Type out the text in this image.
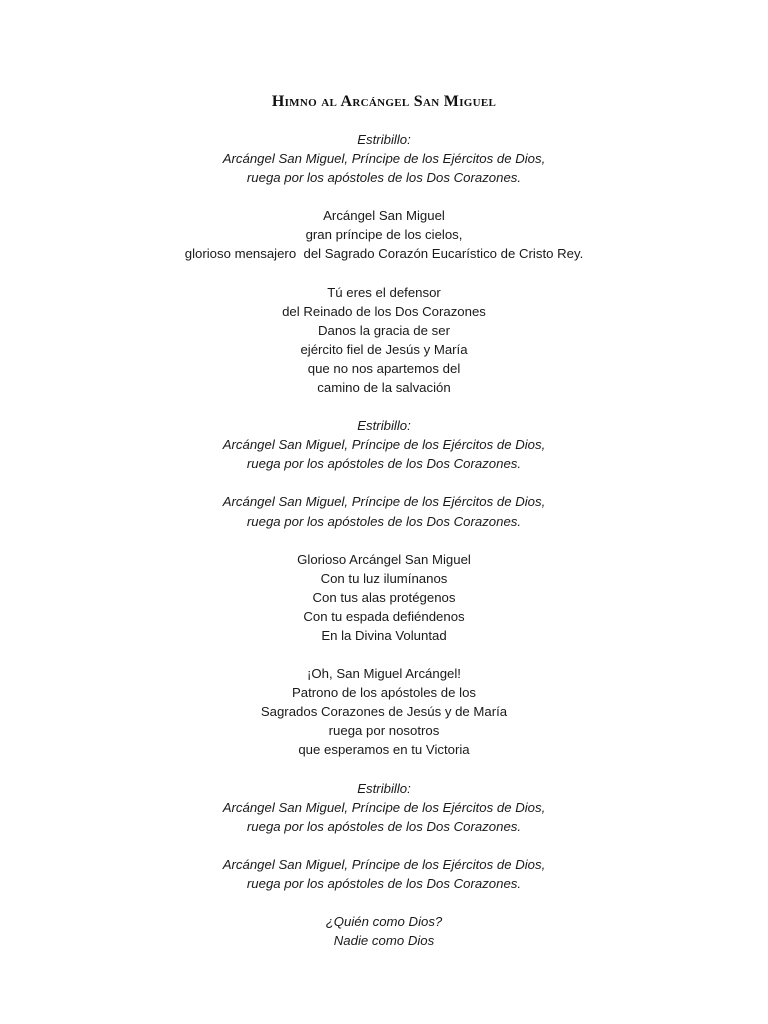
Himno al Arcángel San Miguel
Estribillo:
Arcángel San Miguel, Príncipe de los Ejércitos de Dios,
ruega por los apóstoles de los Dos Corazones.
Arcángel San Miguel
gran príncipe de los cielos,
glorioso mensajero  del Sagrado Corazón Eucarístico de Cristo Rey.
Tú eres el defensor
del Reinado de los Dos Corazones
Danos la gracia de ser
ejército fiel de Jesús y María
que no nos apartemos del
camino de la salvación
Estribillo:
Arcángel San Miguel, Príncipe de los Ejércitos de Dios,
ruega por los apóstoles de los Dos Corazones.
Arcángel San Miguel, Príncipe de los Ejércitos de Dios,
ruega por los apóstoles de los Dos Corazones.
Glorioso Arcángel San Miguel
Con tu luz ilumínanos
Con tus alas protégenos
Con tu espada defiéndenos
En la Divina Voluntad
¡Oh, San Miguel Arcángel!
Patrono de los apóstoles de los
Sagrados Corazones de Jesús y de María
ruega por nosotros
que esperamos en tu Victoria
Estribillo:
Arcángel San Miguel, Príncipe de los Ejércitos de Dios,
ruega por los apóstoles de los Dos Corazones.
Arcángel San Miguel, Príncipe de los Ejércitos de Dios,
ruega por los apóstoles de los Dos Corazones.
¿Quién como Dios?
Nadie como Dios
